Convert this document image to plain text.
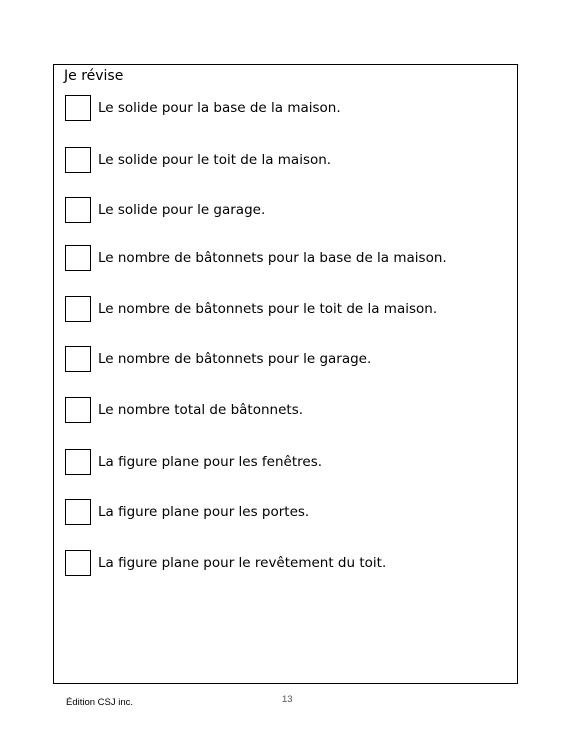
Je révise
Le solide pour la base de la maison.
Le solide pour le toit de la maison.
Le solide pour le garage.
Le nombre de bâtonnets pour la base de la maison.
Le nombre de bâtonnets pour le toit de la maison.
Le nombre de bâtonnets pour le garage.
Le nombre total de bâtonnets.
La figure plane pour les fenêtres.
La figure plane pour les portes.
La figure plane pour le revêtement du toit.
Édition CSJ inc.	13
